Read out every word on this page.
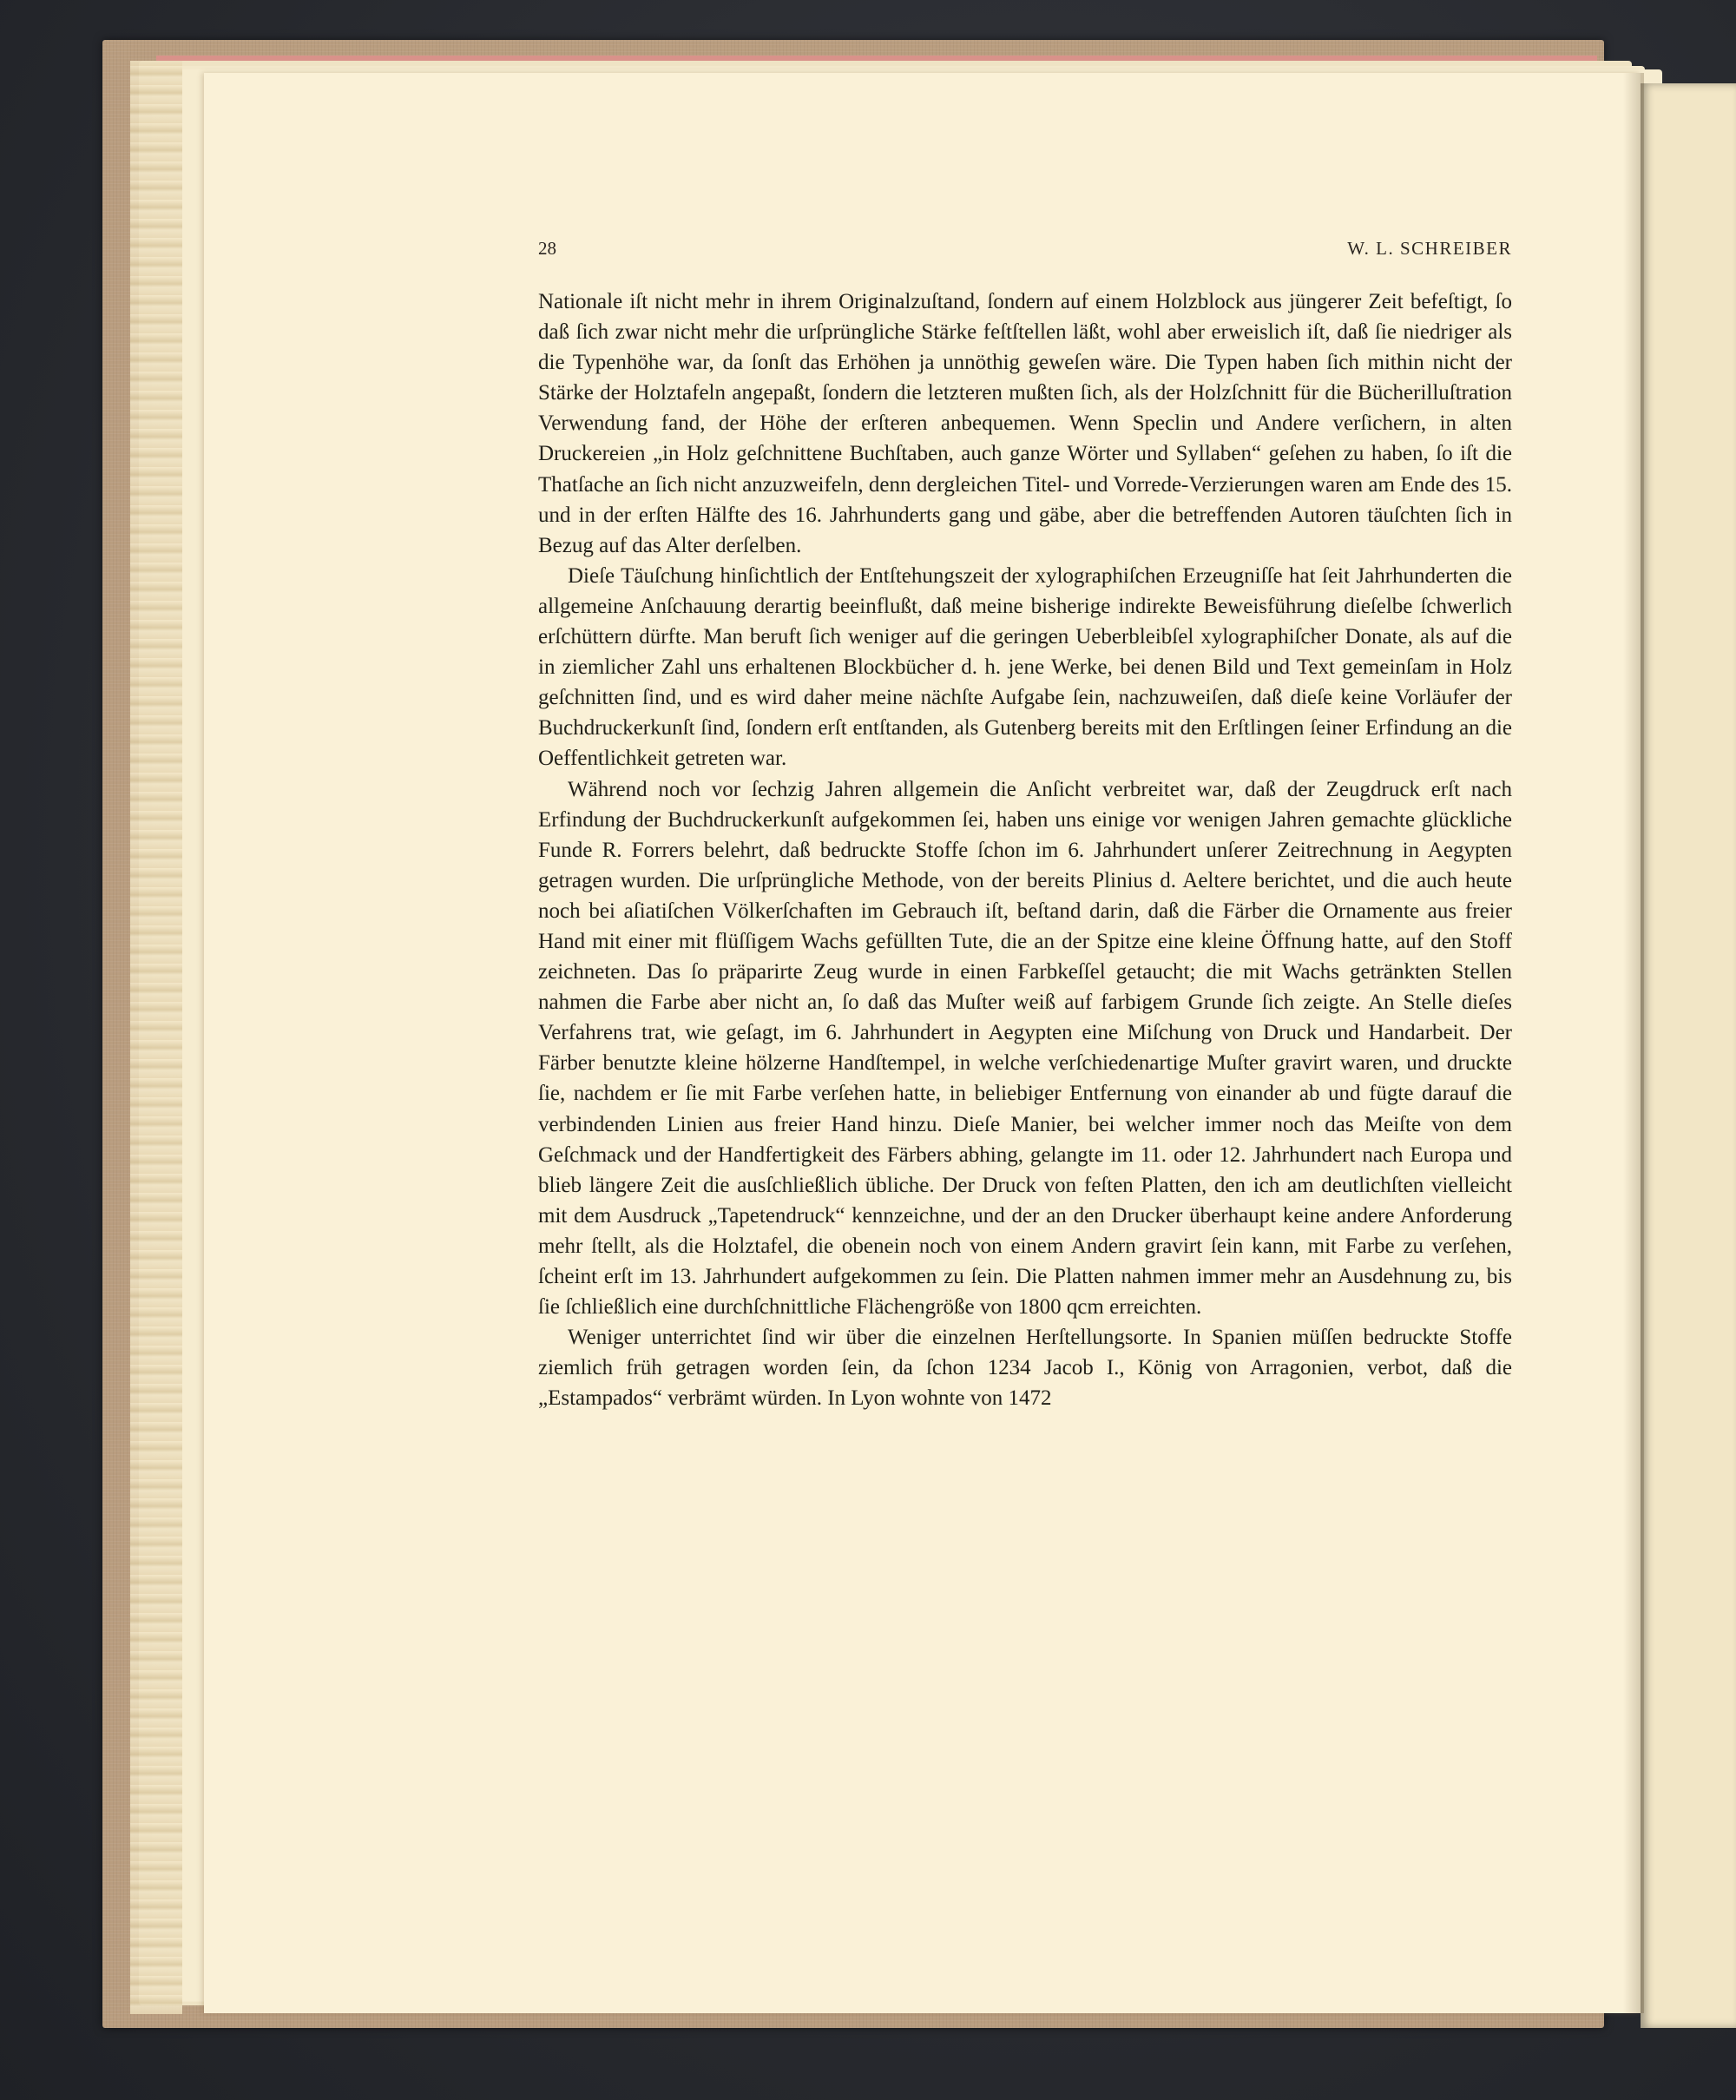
28	W. L. SCHREIBER

Nationale iſt nicht mehr in ihrem Originalzuſtand, ſondern auf einem Holzblock aus jüngerer Zeit befeſtigt, ſo daß ſich zwar nicht mehr die urſprüngliche Stärke feſtſtellen läßt, wohl aber erweislich iſt, daß ſie niedriger als die Typenhöhe war, da ſonſt das Erhöhen ja unnöthig geweſen wäre. Die Typen haben ſich mithin nicht der Stärke der Holztafeln angepaßt, ſondern die letzteren mußten ſich, als der Holzſchnitt für die Bücherilluſtration Verwendung fand, der Höhe der erſteren anbequemen. Wenn Speclin und Andere verſichern, in alten Druckereien „in Holz geſchnittene Buchſtaben, auch ganze Wörter und Syllaben“ geſehen zu haben, ſo iſt die Thatſache an ſich nicht anzuzweifeln, denn dergleichen Titel- und Vorrede-Verzierungen waren am Ende des 15. und in der erſten Hälfte des 16. Jahrhunderts gang und gäbe, aber die betreffenden Autoren täuſchten ſich in Bezug auf das Alter derſelben.

Dieſe Täuſchung hinſichtlich der Entſtehungszeit der xylographiſchen Erzeugniſſe hat ſeit Jahrhunderten die allgemeine Anſchauung derartig beeinflußt, daß meine bisherige indirekte Beweisführung dieſelbe ſchwerlich erſchüttern dürfte. Man beruft ſich weniger auf die geringen Ueberbleibſel xylographiſcher Donate, als auf die in ziemlicher Zahl uns erhaltenen Blockbücher d. h. jene Werke, bei denen Bild und Text gemeinſam in Holz geſchnitten ſind, und es wird daher meine nächſte Aufgabe ſein, nachzuweiſen, daß dieſe keine Vorläufer der Buchdruckerkunſt ſind, ſondern erſt entſtanden, als Gutenberg bereits mit den Erſtlingen ſeiner Erfindung an die Oeffentlichkeit getreten war.

Während noch vor ſechzig Jahren allgemein die Anſicht verbreitet war, daß der Zeugdruck erſt nach Erfindung der Buchdruckerkunſt aufgekommen ſei, haben uns einige vor wenigen Jahren gemachte glückliche Funde R. Forrers belehrt, daß bedruckte Stoffe ſchon im 6. Jahrhundert unſerer Zeitrechnung in Aegypten getragen wurden. Die urſprüngliche Methode, von der bereits Plinius d. Aeltere berichtet, und die auch heute noch bei aſiatiſchen Völkerſchaften im Gebrauch iſt, beſtand darin, daß die Färber die Ornamente aus freier Hand mit einer mit flüſſigem Wachs gefüllten Tute, die an der Spitze eine kleine Öffnung hatte, auf den Stoff zeichneten. Das ſo präparirte Zeug wurde in einen Farbkeſſel getaucht; die mit Wachs getränkten Stellen nahmen die Farbe aber nicht an, ſo daß das Muſter weiß auf farbigem Grunde ſich zeigte. An Stelle dieſes Verfahrens trat, wie geſagt, im 6. Jahrhundert in Aegypten eine Miſchung von Druck und Handarbeit. Der Färber benutzte kleine hölzerne Handſtempel, in welche verſchiedenartige Muſter gravirt waren, und druckte ſie, nachdem er ſie mit Farbe verſehen hatte, in beliebiger Entfernung von einander ab und fügte darauf die verbindenden Linien aus freier Hand hinzu. Dieſe Manier, bei welcher immer noch das Meiſte von dem Geſchmack und der Handfertigkeit des Färbers abhing, gelangte im 11. oder 12. Jahrhundert nach Europa und blieb längere Zeit die ausſchließlich übliche. Der Druck von feſten Platten, den ich am deutlichſten vielleicht mit dem Ausdruck „Tapetendruck“ kennzeichne, und der an den Drucker überhaupt keine andere Anforderung mehr ſtellt, als die Holztafel, die obenein noch von einem Andern gravirt ſein kann, mit Farbe zu verſehen, ſcheint erſt im 13. Jahrhundert aufgekommen zu ſein. Die Platten nahmen immer mehr an Ausdehnung zu, bis ſie ſchließlich eine durchſchnittliche Flächengröße von 1800 qcm erreichten.

Weniger unterrichtet ſind wir über die einzelnen Herſtellungsorte. In Spanien müſſen bedruckte Stoffe ziemlich früh getragen worden ſein, da ſchon 1234 Jacob I., König von Arragonien, verbot, daß die „Estampados“ verbrämt würden. In Lyon wohnte von 1472
